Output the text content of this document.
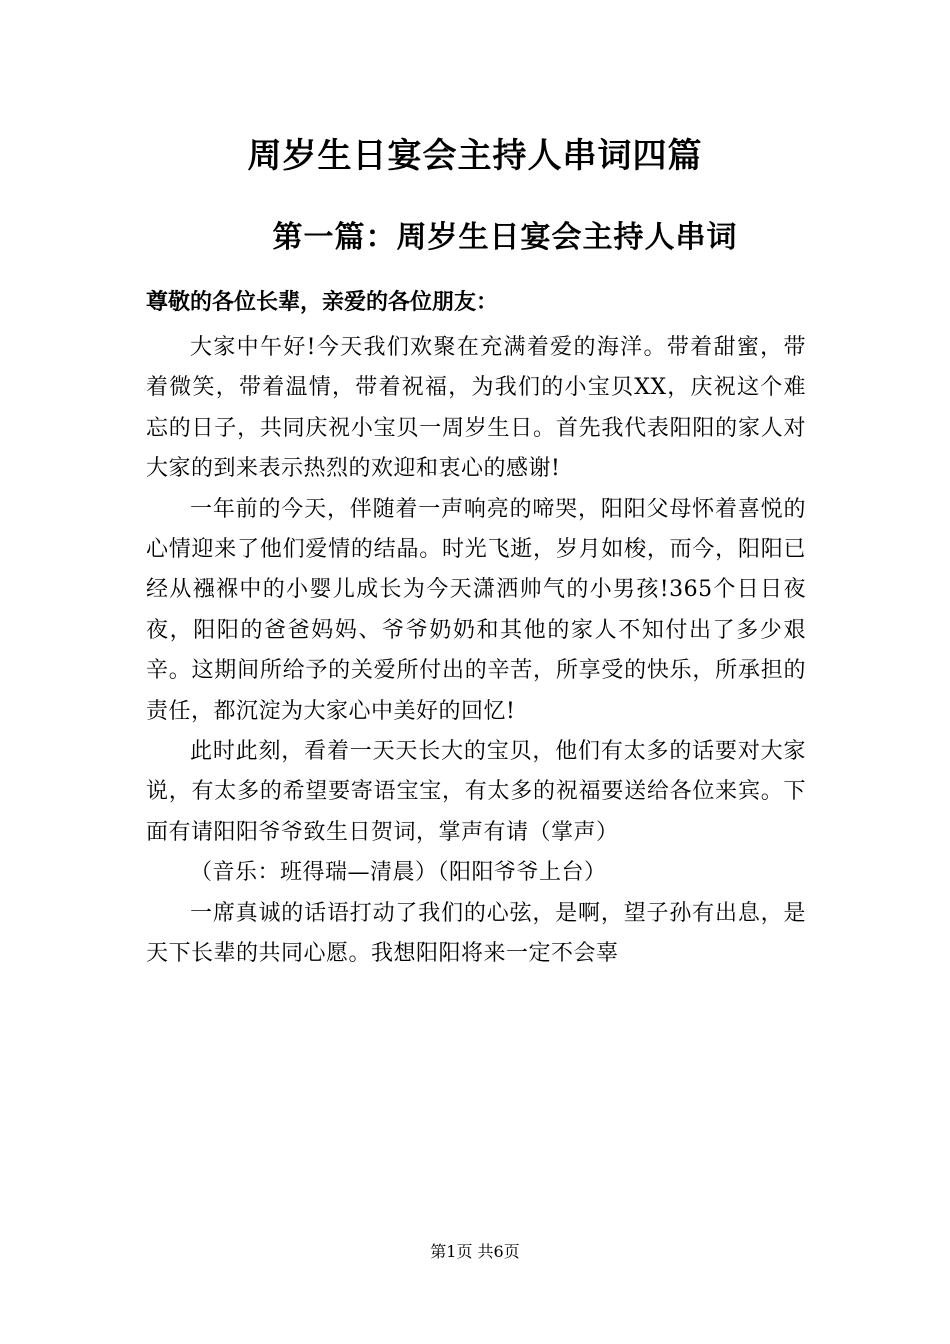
周岁生日宴会主持人串词四篇
第一篇：周岁生日宴会主持人串词

尊敬的各位长辈，亲爱的各位朋友：

大家中午好!今天我们欢聚在充满着爱的海洋。带着甜蜜，带着微笑，带着温情，带着祝福，为我们的小宝贝XX，庆祝这个难忘的日子，共同庆祝小宝贝一周岁生日。首先我代表阳阳的家人对大家的到来表示热烈的欢迎和衷心的感谢!

一年前的今天，伴随着一声响亮的啼哭，阳阳父母怀着喜悦的心情迎来了他们爱情的结晶。时光飞逝，岁月如梭，而今，阳阳已经从襁褓中的小婴儿成长为今天潇洒帅气的小男孩!365个日日夜夜，阳阳的爸爸妈妈、爷爷奶奶和其他的家人不知付出了多少艰辛。这期间所给予的关爱所付出的辛苦，所享受的快乐，所承担的责任，都沉淀为大家心中美好的回忆!

此时此刻，看着一天天长大的宝贝，他们有太多的话要对大家说，有太多的希望要寄语宝宝，有太多的祝福要送给各位来宾。下面有请阳阳爷爷致生日贺词，掌声有请（掌声）

（音乐：班得瑞—清晨）（阳阳爷爷上台）

一席真诚的话语打动了我们的心弦，是啊，望子孙有出息，是天下长辈的共同心愿。我想阳阳将来一定不会辜

第1页 共6页
